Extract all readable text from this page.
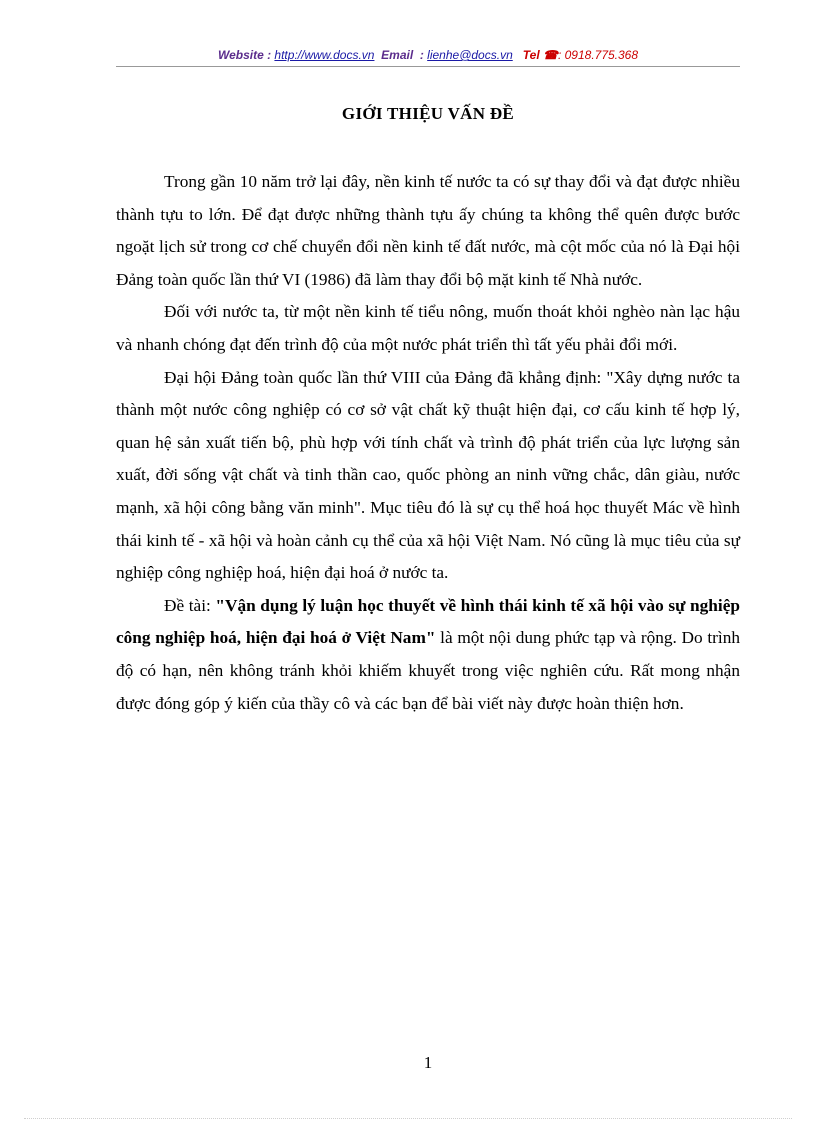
Website : http://www.docs.vn Email : lienhe@docs.vn Tel ☎: 0918.775.368
GIỚI THIỆU VẤN ĐỀ

Trong gần 10 năm trở lại đây, nền kinh tế nước ta có sự thay đổi và đạt được nhiều thành tựu to lớn. Để đạt được những thành tựu ấy chúng ta không thể quên được bước ngoặt lịch sử trong cơ chế chuyển đổi nền kinh tế đất nước, mà cột mốc của nó là Đại hội Đảng toàn quốc lần thứ VI (1986) đã làm thay đổi bộ mặt kinh tế Nhà nước.

Đối với nước ta, từ một nền kinh tế tiểu nông, muốn thoát khỏi nghèo nàn lạc hậu và nhanh chóng đạt đến trình độ của một nước phát triển thì tất yếu phải đổi mới.

Đại hội Đảng toàn quốc lần thứ VIII của Đảng đã khẳng định: "Xây dựng nước ta thành một nước công nghiệp có cơ sở vật chất kỹ thuật hiện đại, cơ cấu kinh tế hợp lý, quan hệ sản xuất tiến bộ, phù hợp với tính chất và trình độ phát triển của lực lượng sản xuất, đời sống vật chất và tinh thần cao, quốc phòng an ninh vững chắc, dân giàu, nước mạnh, xã hội công bằng văn minh". Mục tiêu đó là sự cụ thể hoá học thuyết Mác về hình thái kinh tế - xã hội và hoàn cảnh cụ thể của xã hội Việt Nam. Nó cũng là mục tiêu của sự nghiệp công nghiệp hoá, hiện đại hoá ở nước ta.

Đề tài: "Vận dụng lý luận học thuyết về hình thái kinh tế xã hội vào sự nghiệp công nghiệp hoá, hiện đại hoá ở Việt Nam" là một nội dung phức tạp và rộng. Do trình độ có hạn, nên không tránh khỏi khiếm khuyết trong việc nghiên cứu. Rất mong nhận được đóng góp ý kiến của thầy cô và các bạn để bài viết này được hoàn thiện hơn.

1
